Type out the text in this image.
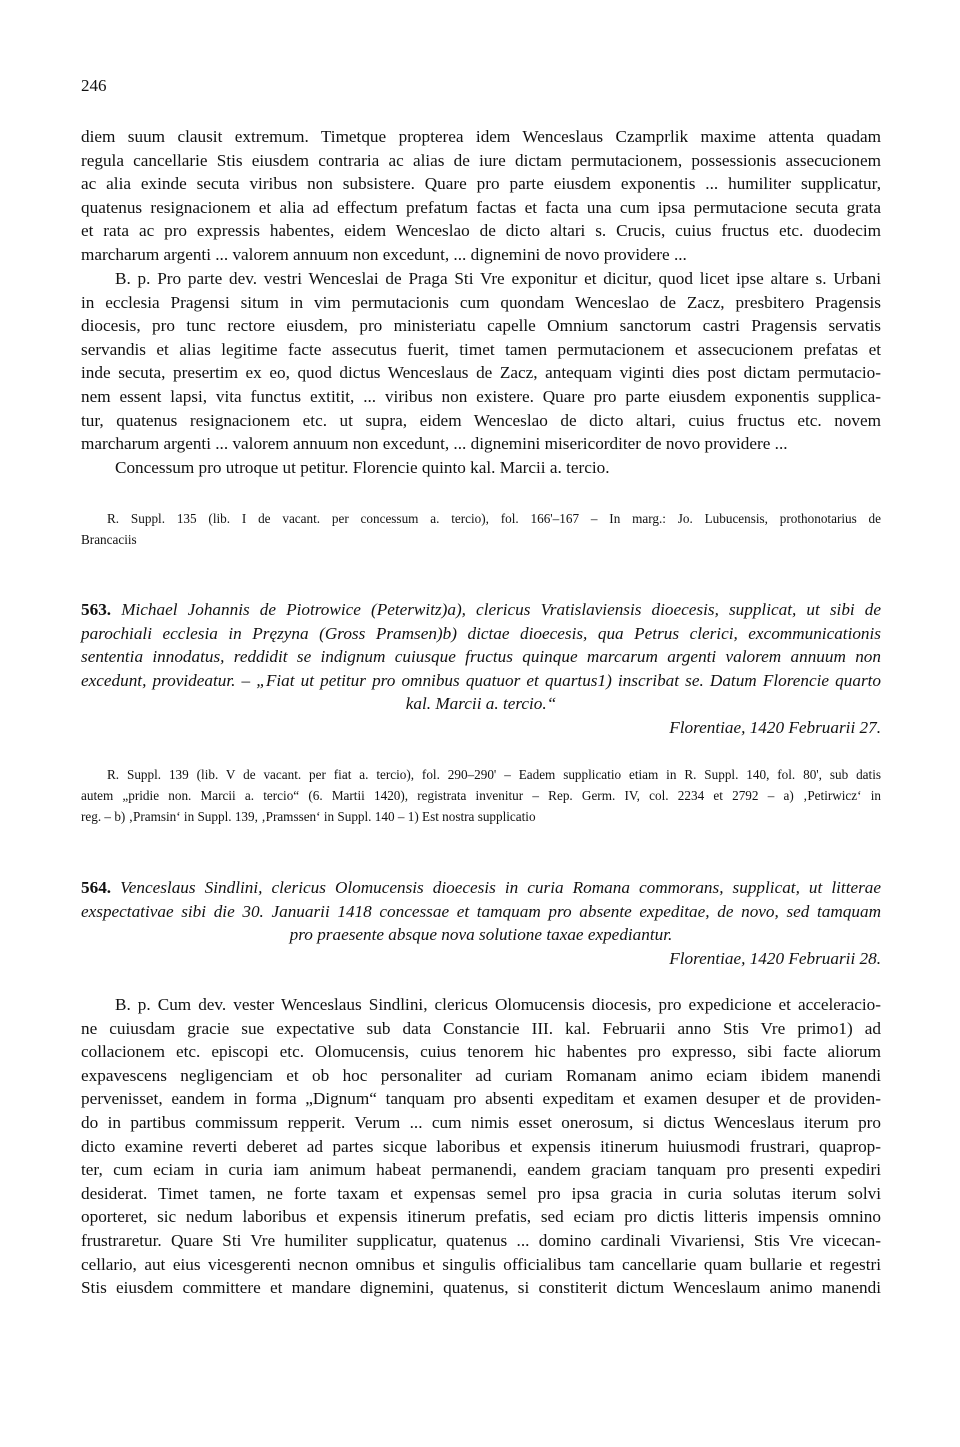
246
diem suum clausit extremum. Timetque propterea idem Wenceslaus Czamprlik maxime attenta quadam
regula cancellarie Stis eiusdem contraria ac alias de iure dictam permutacionem, possessionis assecucionem
ac alia exinde secuta viribus non subsistere. Quare pro parte eiusdem exponentis ... humiliter supplicatur,
quatenus resignacionem et alia ad effectum prefatum factas et facta una cum ipsa permutacione secuta grata
et rata ac pro expressis habentes, eidem Wenceslao de dicto altari s. Crucis, cuius fructus etc. duodecim
marcharum argenti ... valorem annuum non excedunt, ... dignemini de novo providere ...
B. p. Pro parte dev. vestri Wenceslai de Praga Sti Vre exponitur et dicitur, quod licet ipse altare s. Urbani
in ecclesia Pragensi situm in vim permutacionis cum quondam Wenceslao de Zacz, presbitero Pragensis
diocesis, pro tunc rectore eiusdem, pro ministeriatu capelle Omnium sanctorum castri Pragensis servatis
servandis et alias legitime facte assecutus fuerit, timet tamen permutacionem et assecucionem prefatas et
inde secuta, presertim ex eo, quod dictus Wenceslaus de Zacz, antequam viginti dies post dictam permutacio-
nem essent lapsi, vita functus extitit, ... viribus non existere. Quare pro parte eiusdem exponentis supplica-
tur, quatenus resignacionem etc. ut supra, eidem Wenceslao de dicto altari, cuius fructus etc. novem
marcharum argenti ... valorem annuum non excedunt, ... dignemini misericorditer de novo providere ...
Concessum pro utroque ut petitur. Florencie quinto kal. Marcii a. tercio.
R. Suppl. 135 (lib. I de vacant. per concessum a. tercio), fol. 166'–167 – In marg.: Jo. Lubucensis, prothonotarius de
Brancaciis
563. Michael Johannis de Piotrowice (Peterwitz)a), clericus Vratislaviensis dioecesis, supplicat, ut sibi de
parochiali ecclesia in Pręzyna (Gross Pramsen)b) dictae dioecesis, qua Petrus clerici, excommunicationis
sententia innodatus, reddidit se indignum cuiusque fructus quinque marcarum argenti valorem annuum non
excedunt, provideatur. – „Fiat ut petitur pro omnibus quatuor et quartus1) inscribat se. Datum Florencie quarto
kal. Marcii a. tercio.“
Florentiae, 1420 Februarii 27.
R. Suppl. 139 (lib. V de vacant. per fiat a. tercio), fol. 290–290' – Eadem supplicatio etiam in R. Suppl. 140, fol. 80', sub datis
autem „pridie non. Marcii a. tercio“ (6. Martii 1420), registrata invenitur – Rep. Germ. IV, col. 2234 et 2792 – a) ‚Petirwicz‘ in
reg. – b) ‚Pramsin‘ in Suppl. 139, ‚Pramssen‘ in Suppl. 140 – 1) Est nostra supplicatio
564. Venceslaus Sindlini, clericus Olomucensis dioecesis in curia Romana commorans, supplicat, ut litterae
exspectativae sibi die 30. Januarii 1418 concessae et tamquam pro absente expeditae, de novo, sed tamquam
pro praesente absque nova solutione taxae expediantur.
Florentiae, 1420 Februarii 28.
B. p. Cum dev. vester Wenceslaus Sindlini, clericus Olomucensis diocesis, pro expedicione et acceleracio-
ne cuiusdam gracie sue expectative sub data Constancie III. kal. Februarii anno Stis Vre primo1) ad
collacionem etc. episcopi etc. Olomucensis, cuius tenorem hic habentes pro expresso, sibi facte aliorum
expavescens negligenciam et ob hoc personaliter ad curiam Romanam animo eciam ibidem manendi
pervenisset, eandem in forma „Dignum“ tanquam pro absenti expeditam et examen desuper et de providen-
do in partibus commissum repperit. Verum ... cum nimis esset onerosum, si dictus Wenceslaus iterum pro
dicto examine reverti deberet ad partes sicque laboribus et expensis itinerum huiusmodi frustrari, quaprop-
ter, cum eciam in curia iam animum habeat permanendi, eandem graciam tanquam pro presenti expediri
desiderat. Timet tamen, ne forte taxam et expensas semel pro ipsa gracia in curia solutas iterum solvi
oporteret, sic nedum laboribus et expensis itinerum prefatis, sed eciam pro dictis litteris impensis omnino
frustraretur. Quare Sti Vre humiliter supplicatur, quatenus ... domino cardinali Vivariensi, Stis Vre vicecan-
cellario, aut eius vicesgerenti necnon omnibus et singulis officialibus tam cancellarie quam bullarie et regestri
Stis eiusdem committere et mandare dignemini, quatenus, si constiterit dictum Wenceslaum animo manendi
